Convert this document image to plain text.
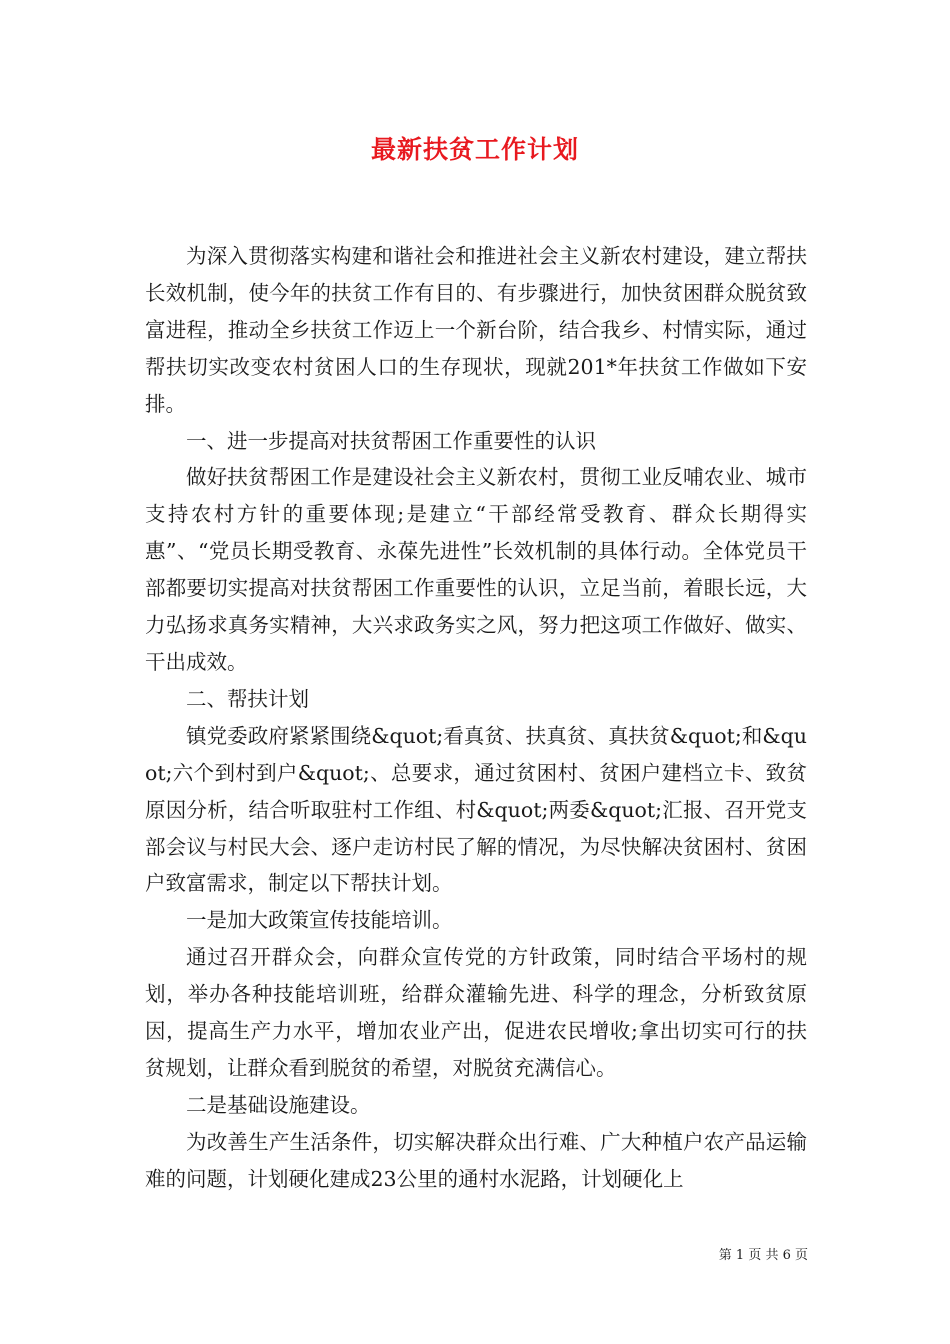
最新扶贫工作计划

为深入贯彻落实构建和谐社会和推进社会主义新农村建设，建立帮扶长效机制，使今年的扶贫工作有目的、有步骤进行，加快贫困群众脱贫致富进程，推动全乡扶贫工作迈上一个新台阶，结合我乡、村情实际，通过帮扶切实改变农村贫困人口的生存现状，现就201*年扶贫工作做如下安排。

一、进一步提高对扶贫帮困工作重要性的认识

做好扶贫帮困工作是建设社会主义新农村，贯彻工业反哺农业、城市支持农村方针的重要体现;是建立“干部经常受教育、群众长期得实惠”、“党员长期受教育、永葆先进性”长效机制的具体行动。全体党员干部都要切实提高对扶贫帮困工作重要性的认识，立足当前，着眼长远，大力弘扬求真务实精神，大兴求政务实之风，努力把这项工作做好、做实、干出成效。

二、帮扶计划

镇党委政府紧紧围绕&quot;看真贫、扶真贫、真扶贫&quot;和&quot;六个到村到户&quot;、总要求，通过贫困村、贫困户建档立卡、致贫原因分析，结合听取驻村工作组、村&quot;两委&quot;汇报、召开党支部会议与村民大会、逐户走访村民了解的情况，为尽快解决贫困村、贫困户致富需求，制定以下帮扶计划。

一是加大政策宣传技能培训。

通过召开群众会，向群众宣传党的方针政策，同时结合平场村的规划，举办各种技能培训班，给群众灌输先进、科学的理念，分析致贫原因，提高生产力水平，增加农业产出，促进农民增收;拿出切实可行的扶贫规划，让群众看到脱贫的希望，对脱贫充满信心。

二是基础设施建设。

为改善生产生活条件，切实解决群众出行难、广大种植户农产品运输难的问题，计划硬化建成23公里的通村水泥路，计划硬化上

第 1 页 共 6 页
